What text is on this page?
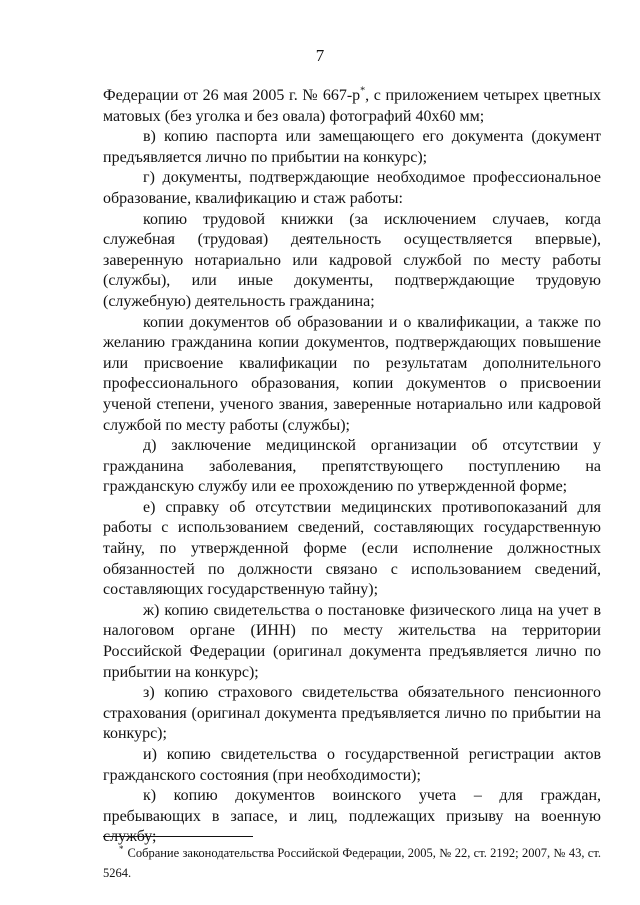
7

Федерации от 26 мая 2005 г. № 667-р*, с приложением четырех цветных матовых (без уголка и без овала) фотографий 40х60 мм;

в) копию паспорта или замещающего его документа (документ предъявляется лично по прибытии на конкурс);

г) документы, подтверждающие необходимое профессиональное образование, квалификацию и стаж работы:

копию трудовой книжки (за исключением случаев, когда служебная (трудовая) деятельность осуществляется впервые), заверенную нотариально или кадровой службой по месту работы (службы), или иные документы, подтверждающие трудовую (служебную) деятельность гражданина;

копии документов об образовании и о квалификации, а также по желанию гражданина копии документов, подтверждающих повышение или присвоение квалификации по результатам дополнительного профессионального образования, копии документов о присвоении ученой степени, ученого звания, заверенные нотариально или кадровой службой по месту работы (службы);

д) заключение медицинской организации об отсутствии у гражданина заболевания, препятствующего поступлению на гражданскую службу или ее прохождению по утвержденной форме;

е) справку об отсутствии медицинских противопоказаний для работы с использованием сведений, составляющих государственную тайну, по утвержденной форме (если исполнение должностных обязанностей по должности связано с использованием сведений, составляющих государственную тайну);

ж) копию свидетельства о постановке физического лица на учет в налоговом органе (ИНН) по месту жительства на территории Российской Федерации (оригинал документа предъявляется лично по прибытии на конкурс);

з) копию страхового свидетельства обязательного пенсионного страхования (оригинал документа предъявляется лично по прибытии на конкурс);

и) копию свидетельства о государственной регистрации актов гражданского состояния (при необходимости);

к) копию документов воинского учета – для граждан, пребывающих в запасе, и лиц, подлежащих призыву на военную службу;

* Собрание законодательства Российской Федерации, 2005, № 22, ст. 2192; 2007, № 43, ст. 5264.
